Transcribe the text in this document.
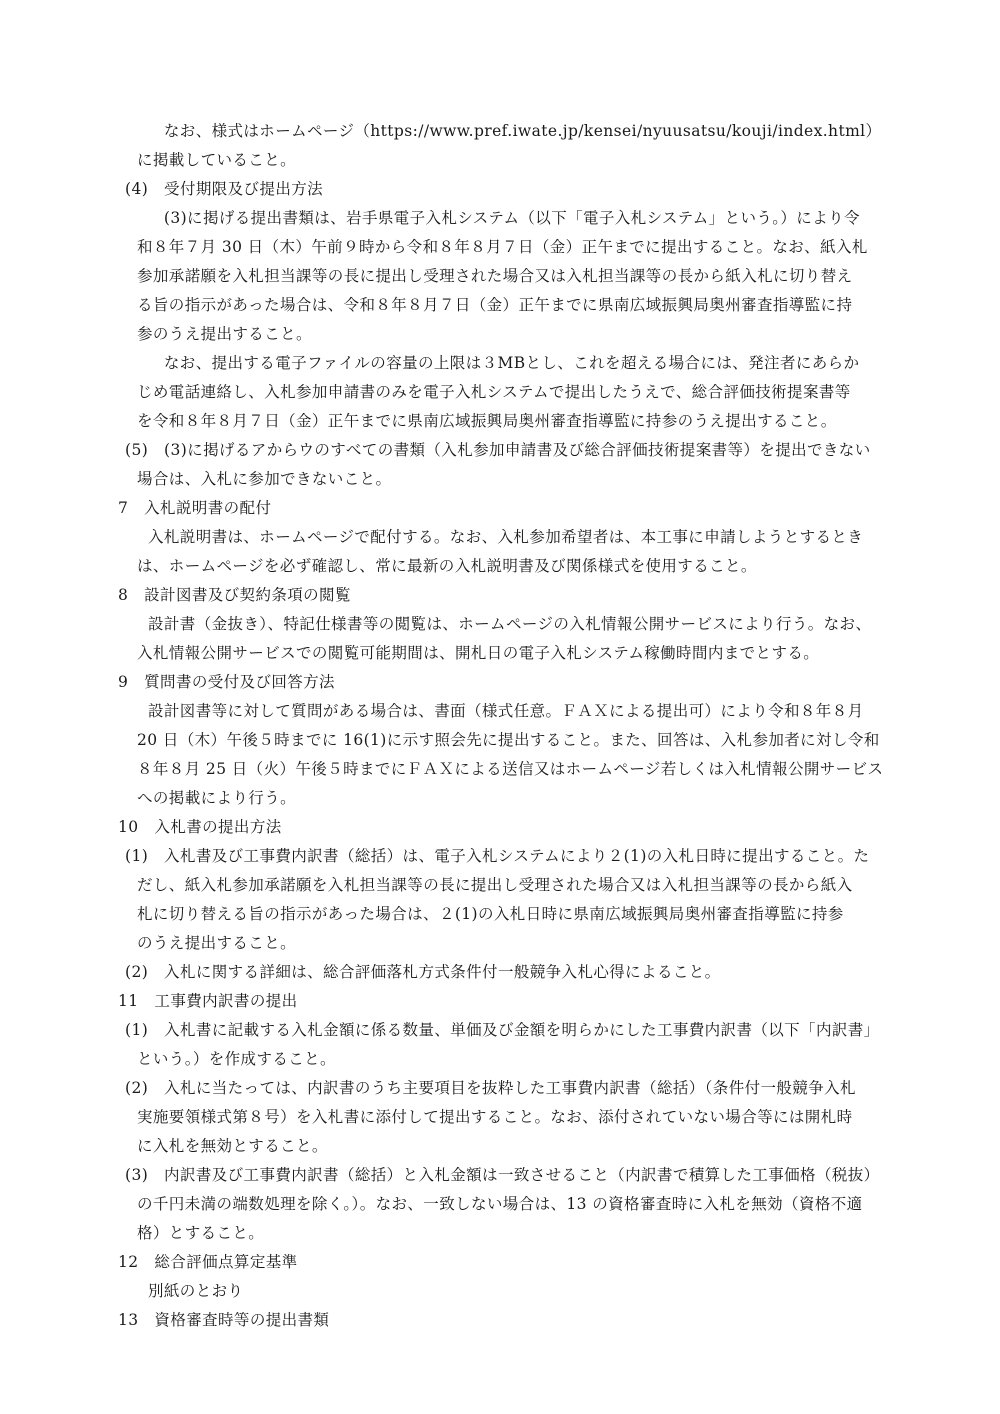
　なお、様式はホームページ（https://www.pref.iwate.jp/kensei/nyuusatsu/kouji/index.html）
に掲載していること。
(4)　受付期限及び提出方法
　(3)に掲げる提出書類は、岩手県電子入札システム（以下「電子入札システム」という。）により令
和８年７月 30 日（木）午前９時から令和８年８月７日（金）正午までに提出すること。なお、紙入札
参加承諾願を入札担当課等の長に提出し受理された場合又は入札担当課等の長から紙入札に切り替え
る旨の指示があった場合は、令和８年８月７日（金）正午までに県南広域振興局奥州審査指導監に持
参のうえ提出すること。
　なお、提出する電子ファイルの容量の上限は３MBとし、これを超える場合には、発注者にあらか
じめ電話連絡し、入札参加申請書のみを電子入札システムで提出したうえで、総合評価技術提案書等
を令和８年８月７日（金）正午までに県南広域振興局奥州審査指導監に持参のうえ提出すること。
(5)　(3)に掲げるアからウのすべての書類（入札参加申請書及び総合評価技術提案書等）を提出できない
場合は、入札に参加できないこと。
7　入札説明書の配付
入札説明書は、ホームページで配付する。なお、入札参加希望者は、本工事に申請しようとするとき
は、ホームページを必ず確認し、常に最新の入札説明書及び関係様式を使用すること。
8　設計図書及び契約条項の閲覧
設計書（金抜き）、特記仕様書等の閲覧は、ホームページの入札情報公開サービスにより行う。なお、
入札情報公開サービスでの閲覧可能期間は、開札日の電子入札システム稼働時間内までとする。
9　質問書の受付及び回答方法
設計図書等に対して質問がある場合は、書面（様式任意。ＦＡＸによる提出可）により令和８年８月
20 日（木）午後５時までに 16(1)に示す照会先に提出すること。また、回答は、入札参加者に対し令和
８年８月 25 日（火）午後５時までにＦＡＸによる送信又はホームページ若しくは入札情報公開サービス
への掲載により行う。
10　入札書の提出方法
(1)　入札書及び工事費内訳書（総括）は、電子入札システムにより２(1)の入札日時に提出すること。た
だし、紙入札参加承諾願を入札担当課等の長に提出し受理された場合又は入札担当課等の長から紙入
札に切り替える旨の指示があった場合は、２(1)の入札日時に県南広域振興局奥州審査指導監に持参
のうえ提出すること。
(2)　入札に関する詳細は、総合評価落札方式条件付一般競争入札心得によること。
11　工事費内訳書の提出
(1)　入札書に記載する入札金額に係る数量、単価及び金額を明らかにした工事費内訳書（以下「内訳書」
という。）を作成すること。
(2)　入札に当たっては、内訳書のうち主要項目を抜粋した工事費内訳書（総括）（条件付一般競争入札
実施要領様式第８号）を入札書に添付して提出すること。なお、添付されていない場合等には開札時
に入札を無効とすること。
(3)　内訳書及び工事費内訳書（総括）と入札金額は一致させること（内訳書で積算した工事価格（税抜）
の千円未満の端数処理を除く。）。なお、一致しない場合は、13 の資格審査時に入札を無効（資格不適
格）とすること。
12　総合評価点算定基準
別紙のとおり
13　資格審査時等の提出書類
